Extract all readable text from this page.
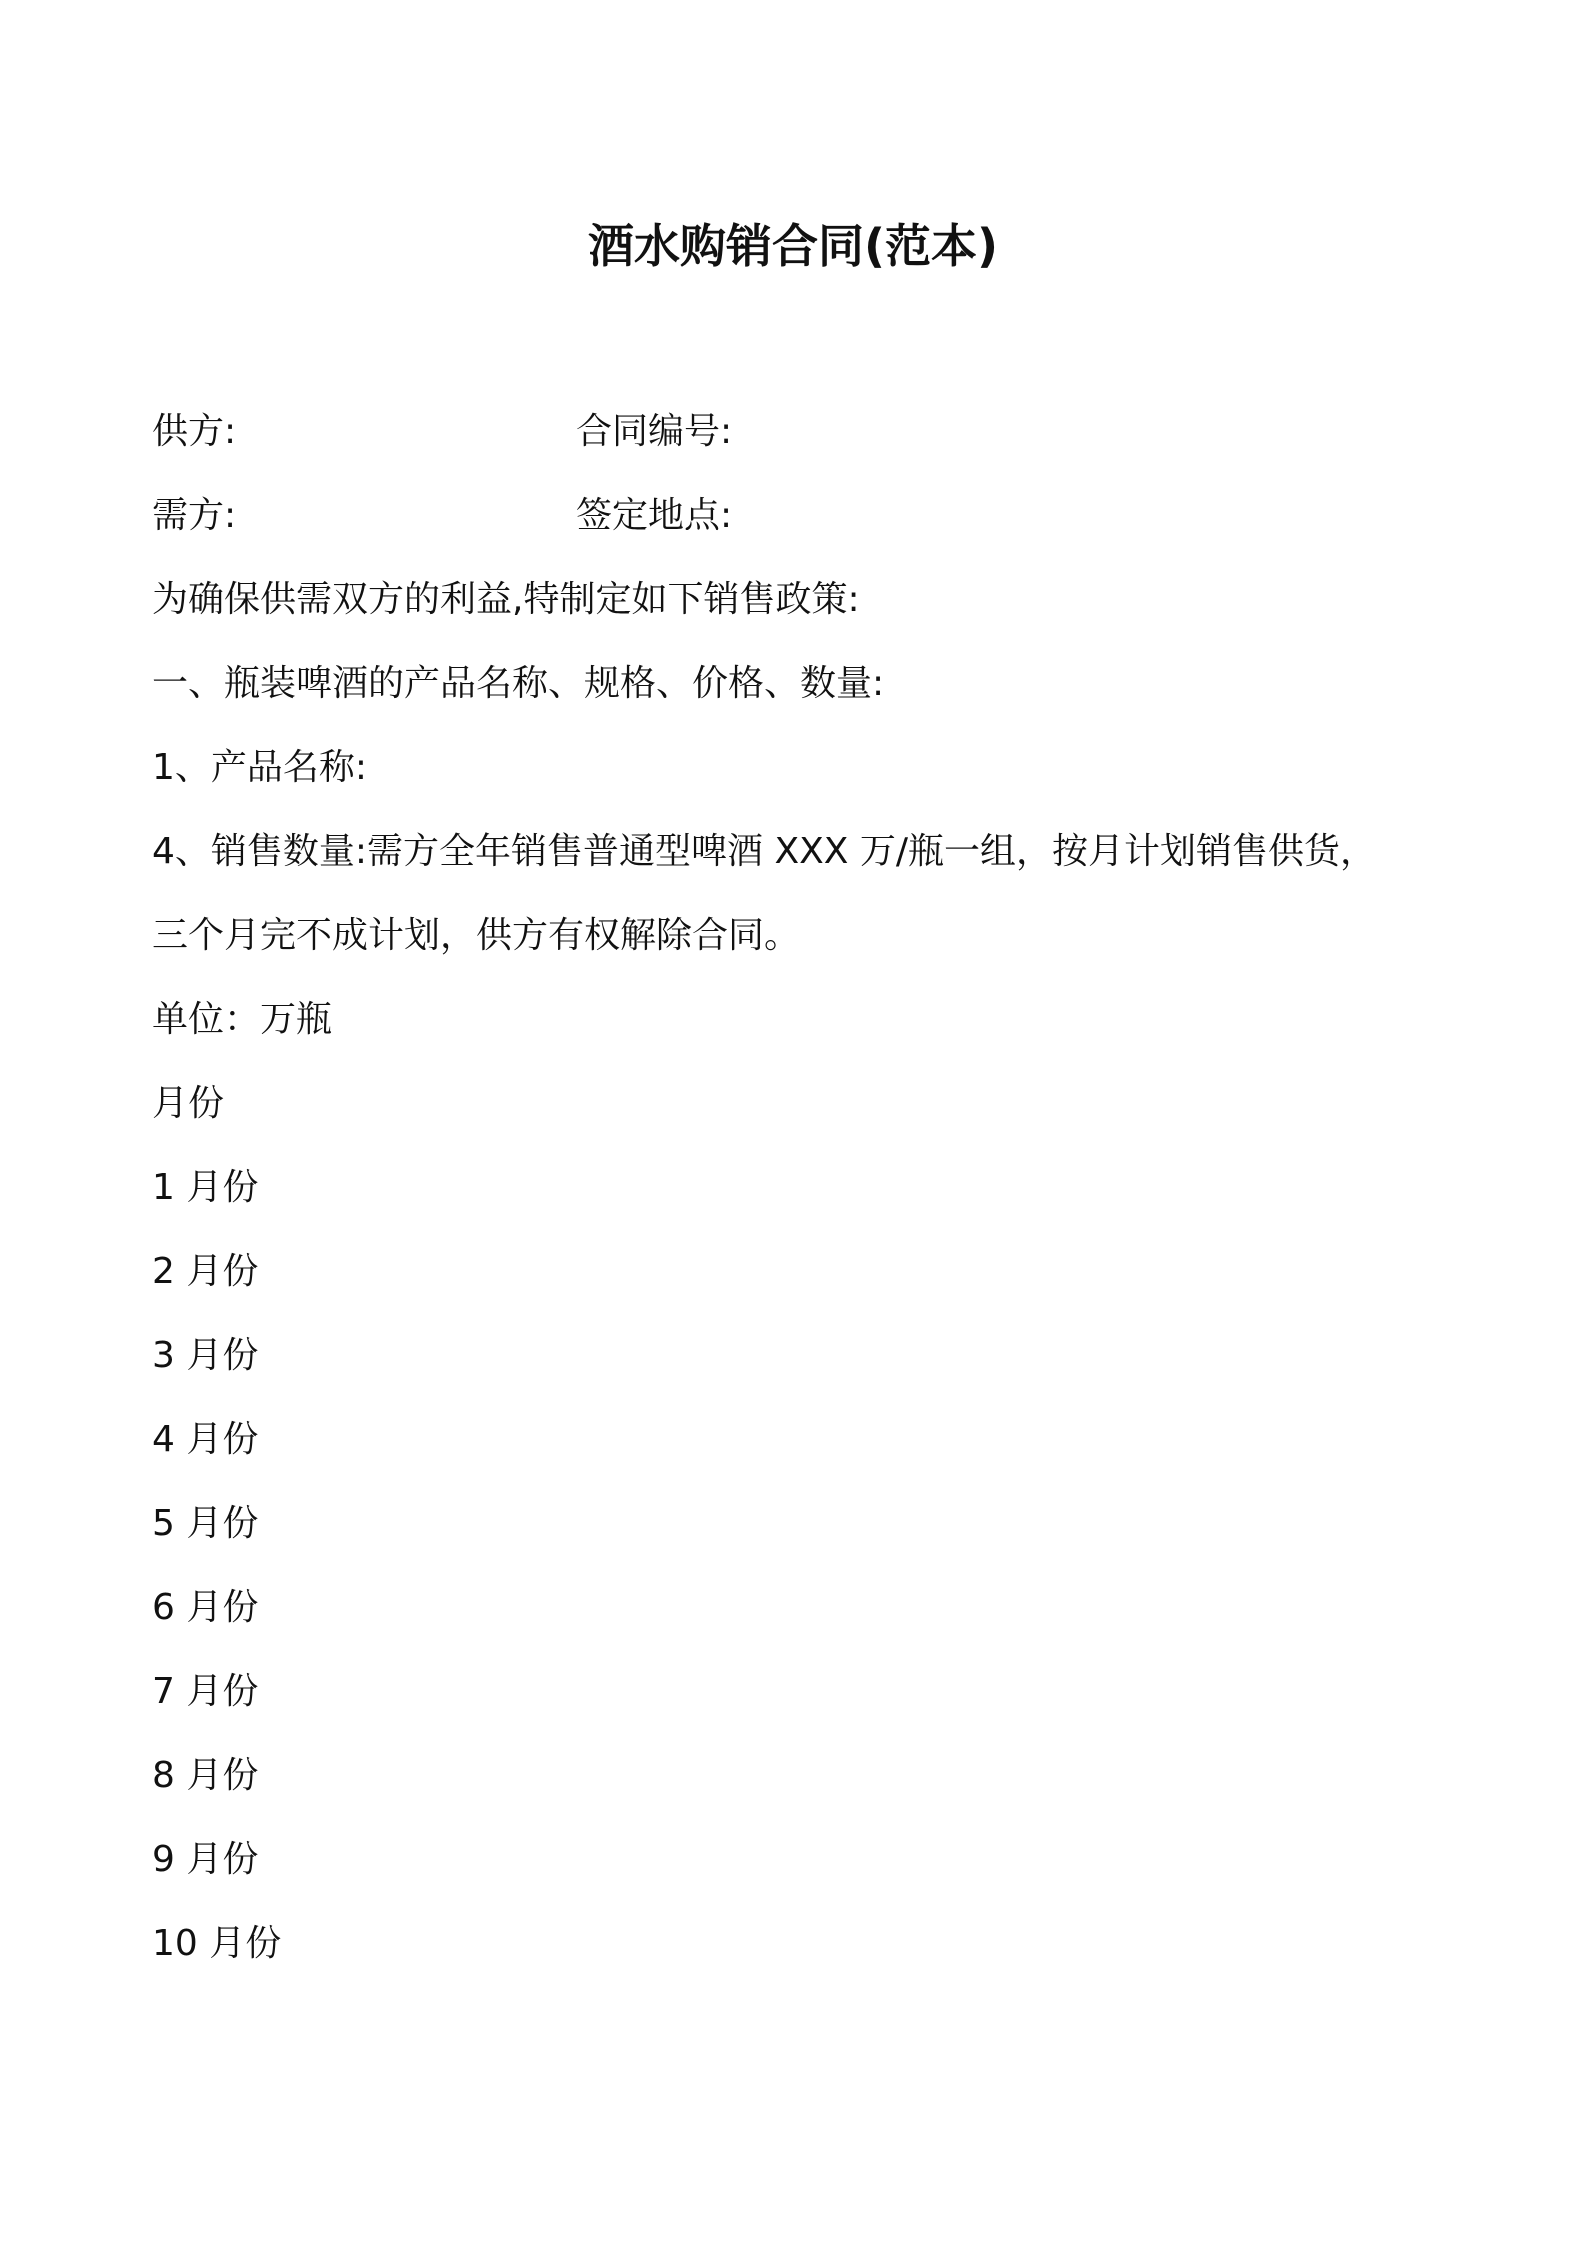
酒水购销合同(范本)
供方:	合同编号:
需方:	签定地点:
为确保供需双方的利益,特制定如下销售政策:
一、瓶装啤酒的产品名称、规格、价格、数量:
1、产品名称:
4、销售数量:需方全年销售普通型啤酒 XXX 万/瓶一组，按月计划销售供货，
三个月完不成计划，供方有权解除合同。
单位：万瓶
月份
1 月份
2 月份
3 月份
4 月份
5 月份
6 月份
7 月份
8 月份
9 月份
10 月份
